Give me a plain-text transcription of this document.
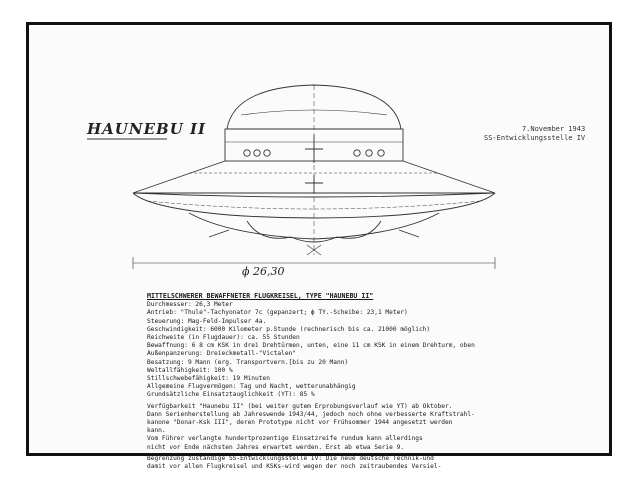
HAUNEBU II	7.November 1943
SS-Entwicklungsstelle IV
ϕ 26,30
MITTELSCHWERER BEWAFFNETER FLUGKREISEL, TYPE "HAUNEBU II"
Durchmesser: 26,3 Meter
Antrieb: "Thule"-Tachyonator 7c (gepanzert; ϕ TY.-Scheibe: 23,1 Meter)
Steuerung: Mag-Feld-Impulser 4a.
Geschwindigkeit: 6000 Kilometer p.Stunde (rechnerisch bis ca. 21000 möglich)
Reichweite (in Flugdauer): ca. 55 Stunden
Bewaffnung: 6 8 cm KSK in drei Drehtürmen, unten, eine 11 cm KSK in einem Drehturm, oben
Außenpanzerung: Dreieckmetall-"Victalen"
Besatzung: 9 Mann (erg. Transportvern.[bis zu 20 Mann)
Weltallfähigkeit: 100 %
Stillschwebefähigkeit: 19 Minuten
Allgemeine Flugvermögen: Tag und Nacht, wetterunabhängig
Grundsätzliche Einsatztauglichkeit (YT): 85 %
Verfügbarkeit "Haunebu II" (bei weiter gutem Erprobungsverlauf wie YT) ab Oktober.
Dann Serienherstellung ab Jahreswende 1943/44, jedoch noch ohne verbesserte Kraftstrahl-
kanone "Donar-Ksk III", deren Prototype nicht vor Frühsommer 1944 angesetzt werden
kann.
Vom Führer verlangte hundertprozentige Einsatzreife rundum kann allerdings
nicht vor Ende nächsten Jahres erwartet werden. Erst ab etwa Serie 9.
Begrenzung zuständige SS-Entwicklungsstelle IV: Die neue deutsche Technik-und
damit vor allen Flugkreisel und KSKs-wird wegen der noch zeitraubendes Versiel-
